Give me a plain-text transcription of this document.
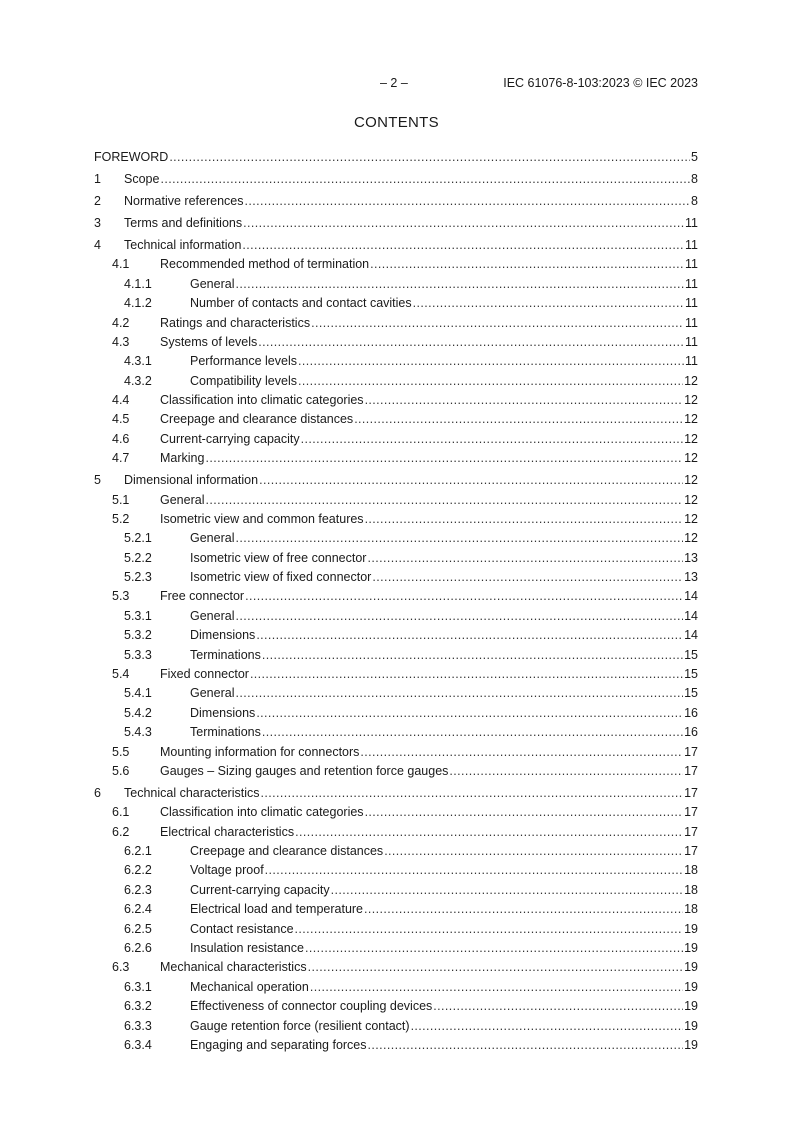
– 2 –	IEC 61076-8-103:2023 © IEC 2023
CONTENTS
FOREWORD .....	5
1	Scope .....	8
2	Normative references .....	8
3	Terms and definitions .....	11
4	Technical information .....	11
4.1	Recommended method of termination .....	11
4.1.1	General .....	11
4.1.2	Number of contacts and contact cavities .....	11
4.2	Ratings and characteristics .....	11
4.3	Systems of levels .....	11
4.3.1	Performance levels .....	11
4.3.2	Compatibility levels .....	12
4.4	Classification into climatic categories .....	12
4.5	Creepage and clearance distances .....	12
4.6	Current-carrying capacity .....	12
4.7	Marking .....	12
5	Dimensional information .....	12
5.1	General .....	12
5.2	Isometric view and common features .....	12
5.2.1	General .....	12
5.2.2	Isometric view of free connector .....	13
5.2.3	Isometric view of fixed connector .....	13
5.3	Free connector .....	14
5.3.1	General .....	14
5.3.2	Dimensions .....	14
5.3.3	Terminations .....	15
5.4	Fixed connector .....	15
5.4.1	General .....	15
5.4.2	Dimensions .....	16
5.4.3	Terminations .....	16
5.5	Mounting information for connectors .....	17
5.6	Gauges – Sizing gauges and retention force gauges .....	17
6	Technical characteristics .....	17
6.1	Classification into climatic categories .....	17
6.2	Electrical characteristics .....	17
6.2.1	Creepage and clearance distances .....	17
6.2.2	Voltage proof .....	18
6.2.3	Current-carrying capacity .....	18
6.2.4	Electrical load and temperature .....	18
6.2.5	Contact resistance .....	19
6.2.6	Insulation resistance .....	19
6.3	Mechanical characteristics .....	19
6.3.1	Mechanical operation .....	19
6.3.2	Effectiveness of connector coupling devices .....	19
6.3.3	Gauge retention force (resilient contact) .....	19
6.3.4	Engaging and separating forces .....	19
